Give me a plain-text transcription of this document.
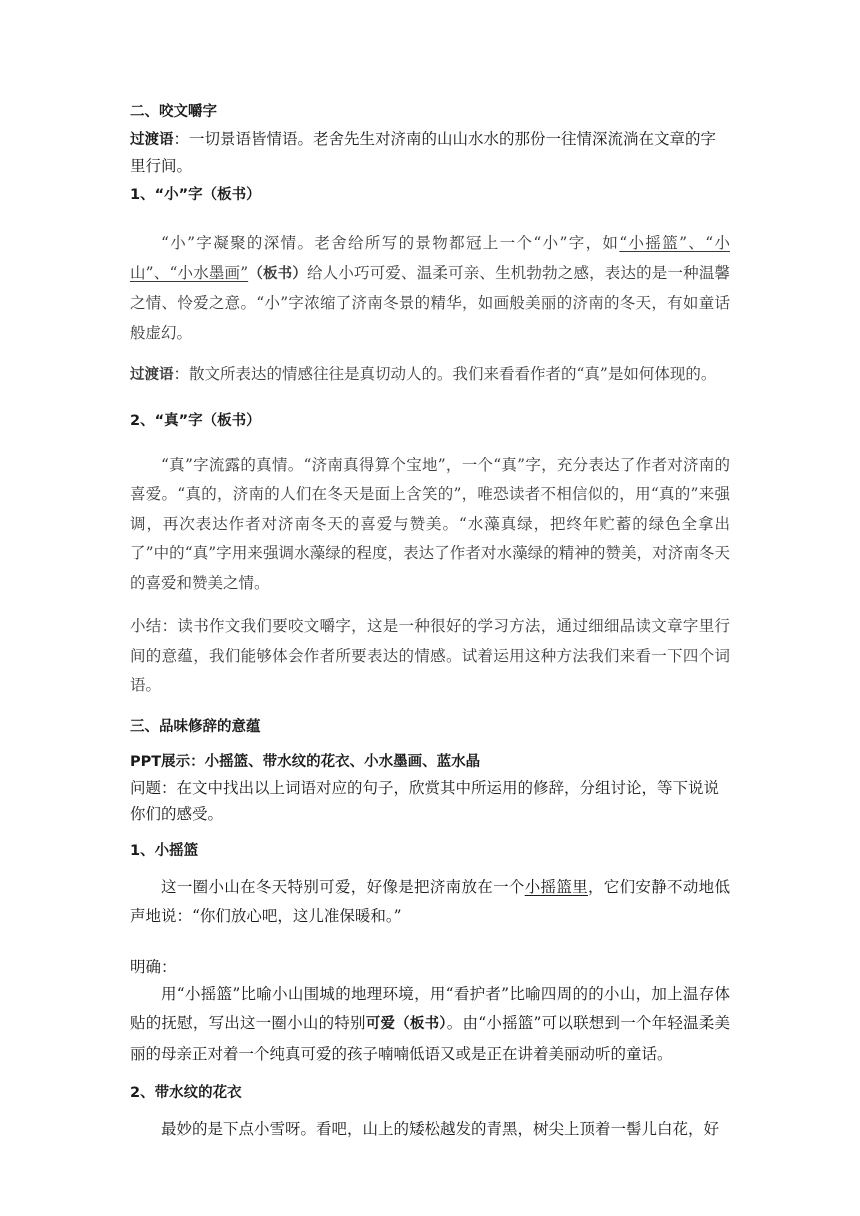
二、咬文嚼字

过渡语：一切景语皆情语。老舍先生对济南的山山水水的那份一往情深流淌在文章的字里行间。

1、“小”字（板书）

“小”字凝聚的深情。老舍给所写的景物都冠上一个“小”字，如“小摇篮”、“小山”、“小水墨画”（板书）给人小巧可爱、温柔可亲、生机勃勃之感，表达的是一种温馨之情、怜爱之意。“小”字浓缩了济南冬景的精华，如画般美丽的济南的冬天，有如童话般虚幻。

过渡语：散文所表达的情感往往是真切动人的。我们来看看作者的“真”是如何体现的。

2、“真”字（板书）

“真”字流露的真情。“济南真得算个宝地”，一个“真”字，充分表达了作者对济南的喜爱。“真的，济南的人们在冬天是面上含笑的”，唯恐读者不相信似的，用“真的”来强调，再次表达作者对济南冬天的喜爱与赞美。“水藻真绿，把终年贮蓄的绿色全拿出了”中的“真”字用来强调水藻绿的程度，表达了作者对水藻绿的精神的赞美，对济南冬天的喜爱和赞美之情。

小结：读书作文我们要咬文嚼字，这是一种很好的学习方法，通过细细品读文章字里行间的意蕴，我们能够体会作者所要表达的情感。试着运用这种方法我们来看一下四个词语。

三、品味修辞的意蕴

PPT展示：小摇篮、带水纹的花衣、小水墨画、蓝水晶

问题：在文中找出以上词语对应的句子，欣赏其中所运用的修辞，分组讨论，等下说说你们的感受。

1、小摇篮

这一圈小山在冬天特别可爱，好像是把济南放在一个小摇篮里，它们安静不动地低声地说：“你们放心吧，这儿准保暖和。”

明确：

用“小摇篮”比喻小山围城的地理环境，用“看护者”比喻四周的的小山，加上温存体贴的抚慰，写出这一圈小山的特别可爱（板书）。由“小摇篮”可以联想到一个年轻温柔美丽的母亲正对着一个纯真可爱的孩子喃喃低语又或是正在讲着美丽动听的童话。

2、带水纹的花衣

最妙的是下点小雪呀。看吧，山上的矮松越发的青黑，树尖上顶着一髻儿白花，好
